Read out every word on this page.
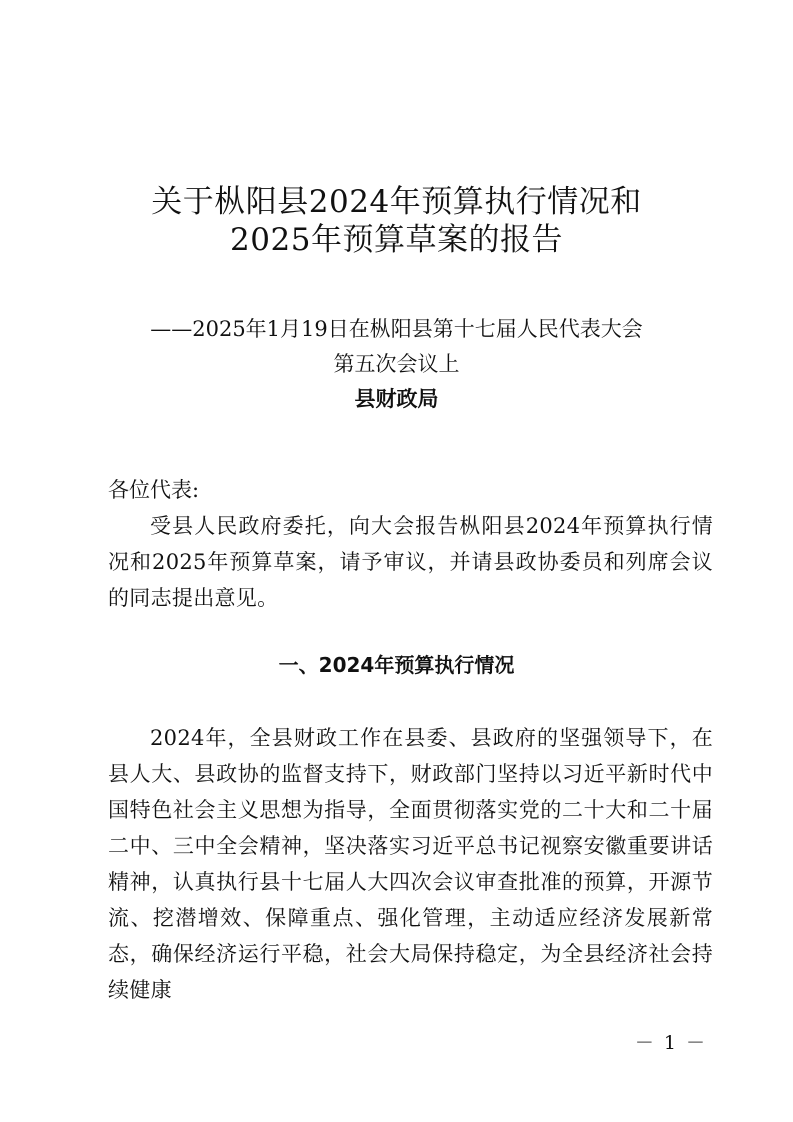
关于枞阳县2024年预算执行情况和
2025年预算草案的报告
——2025年1月19日在枞阳县第十七届人民代表大会
第五次会议上
县财政局
各位代表:
受县人民政府委托，向大会报告枞阳县2024年预算执行情况和2025年预算草案，请予审议，并请县政协委员和列席会议的同志提出意见。
一、2024年预算执行情况
2024年，全县财政工作在县委、县政府的坚强领导下，在县人大、县政协的监督支持下，财政部门坚持以习近平新时代中国特色社会主义思想为指导，全面贯彻落实党的二十大和二十届二中、三中全会精神，坚决落实习近平总书记视察安徽重要讲话精神，认真执行县十七届人大四次会议审查批准的预算，开源节流、挖潜增效、保障重点、强化管理，主动适应经济发展新常态，确保经济运行平稳，社会大局保持稳定，为全县经济社会持续健康
－ 1 －
